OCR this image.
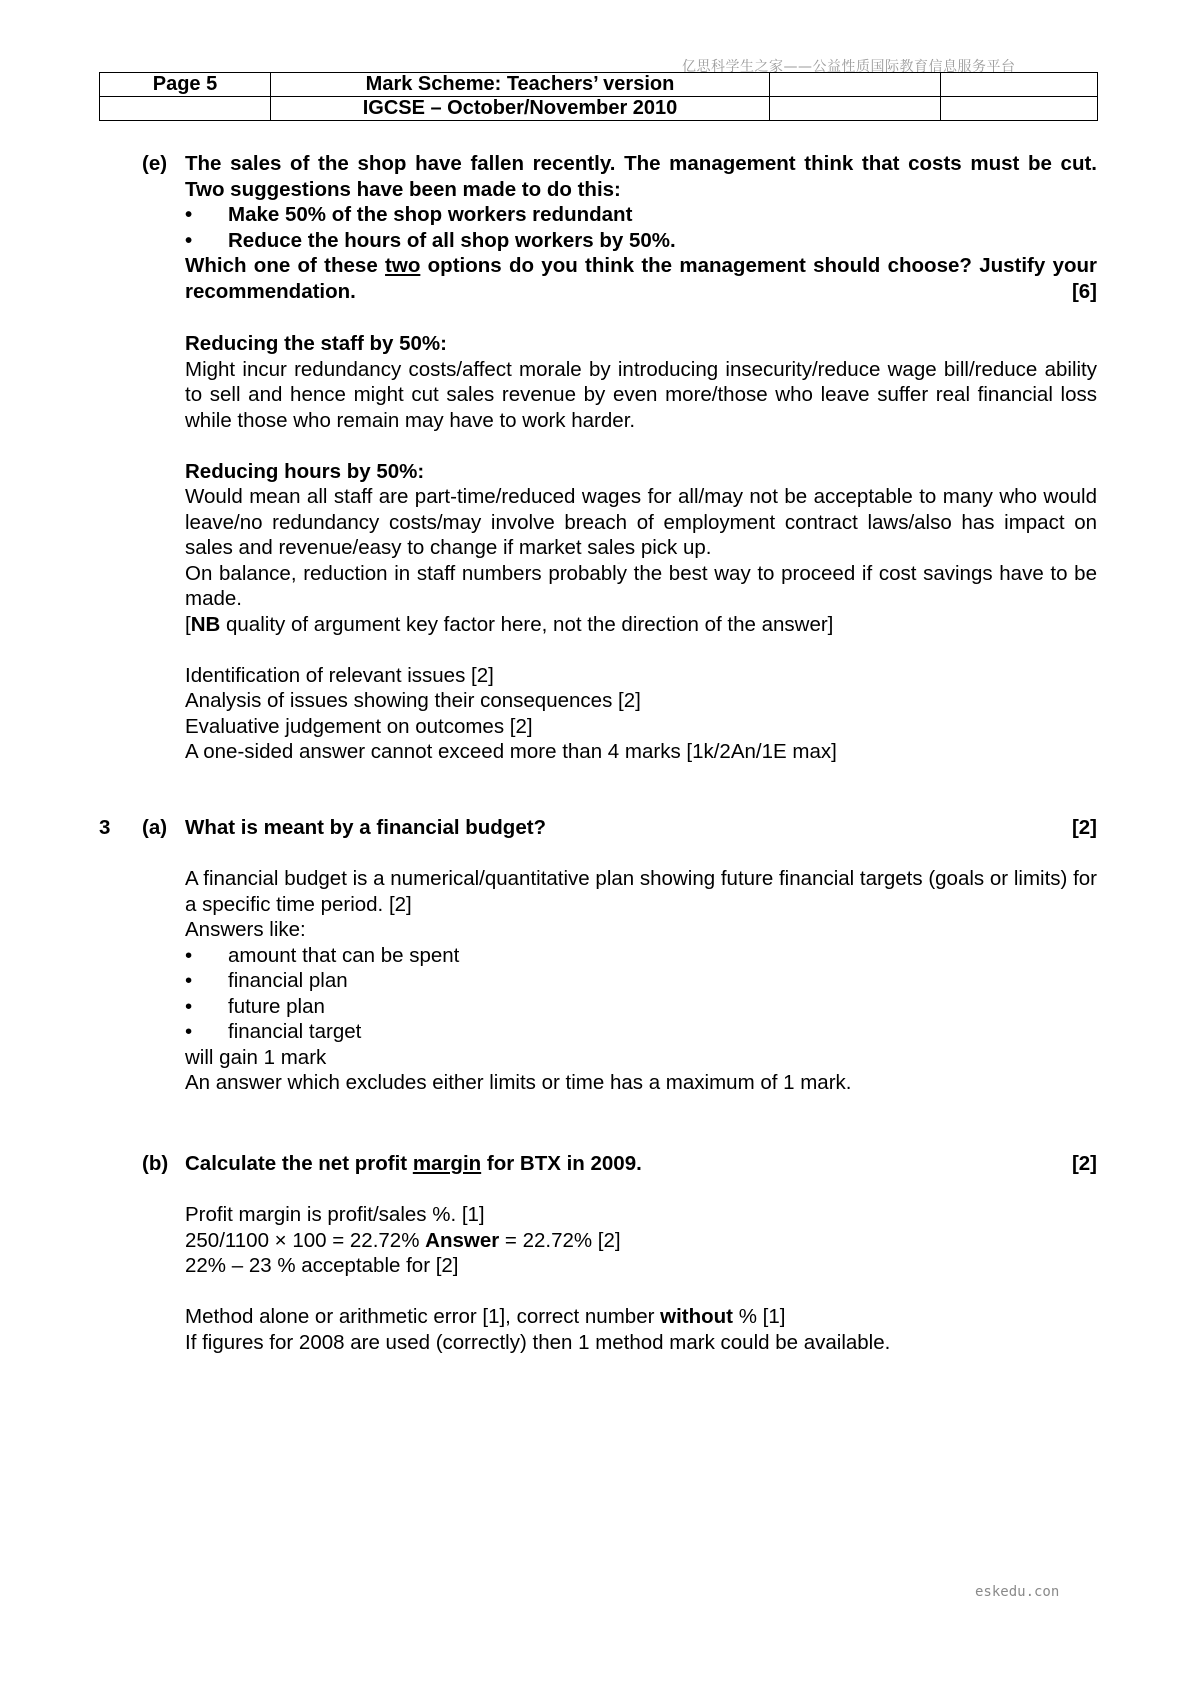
亿思科学生之家——公益性质国际教育信息服务平台
Page 5	Mark Scheme: Teachers’ version		
	IGCSE – October/November 2010		
(e) The sales of the shop have fallen recently. The management think that costs must be cut. Two suggestions have been made to do this:

•	Make 50% of the shop workers redundant
•	Reduce the hours of all shop workers by 50%.

Which one of these two options do you think the management should choose? Justify your recommendation.	[6]

Reducing the staff by 50%:

Might incur redundancy costs/affect morale by introducing insecurity/reduce wage bill/reduce ability to sell and hence might cut sales revenue by even more/those who leave suffer real financial loss while those who remain may have to work harder.

Reducing hours by 50%:

Would mean all staff are part-time/reduced wages for all/may not be acceptable to many who would leave/no redundancy costs/may involve breach of employment contract laws/also has impact on sales and revenue/easy to change if market sales pick up.

On balance, reduction in staff numbers probably the best way to proceed if cost savings have to be made.

[NB quality of argument key factor here, not the direction of the answer]

Identification of relevant issues [2]

Analysis of issues showing their consequences [2]

Evaluative judgement on outcomes [2]

A one-sided answer cannot exceed more than 4 marks [1k/2An/1E max]

3 (a) What is meant by a financial budget?	[2]

A financial budget is a numerical/quantitative plan showing future financial targets (goals or limits) for a specific time period. [2]

Answers like:

•	amount that can be spent
•	financial plan
•	future plan
•	financial target

will gain 1 mark

An answer which excludes either limits or time has a maximum of 1 mark.

(b) Calculate the net profit margin for BTX in 2009.	[2]

Profit margin is profit/sales %. [1]

250/1100 × 100 = 22.72% Answer = 22.72% [2]

22% – 23 % acceptable for [2]

Method alone or arithmetic error [1], correct number without % [1]

If figures for 2008 are used (correctly) then 1 method mark could be available.

eskedu.con
